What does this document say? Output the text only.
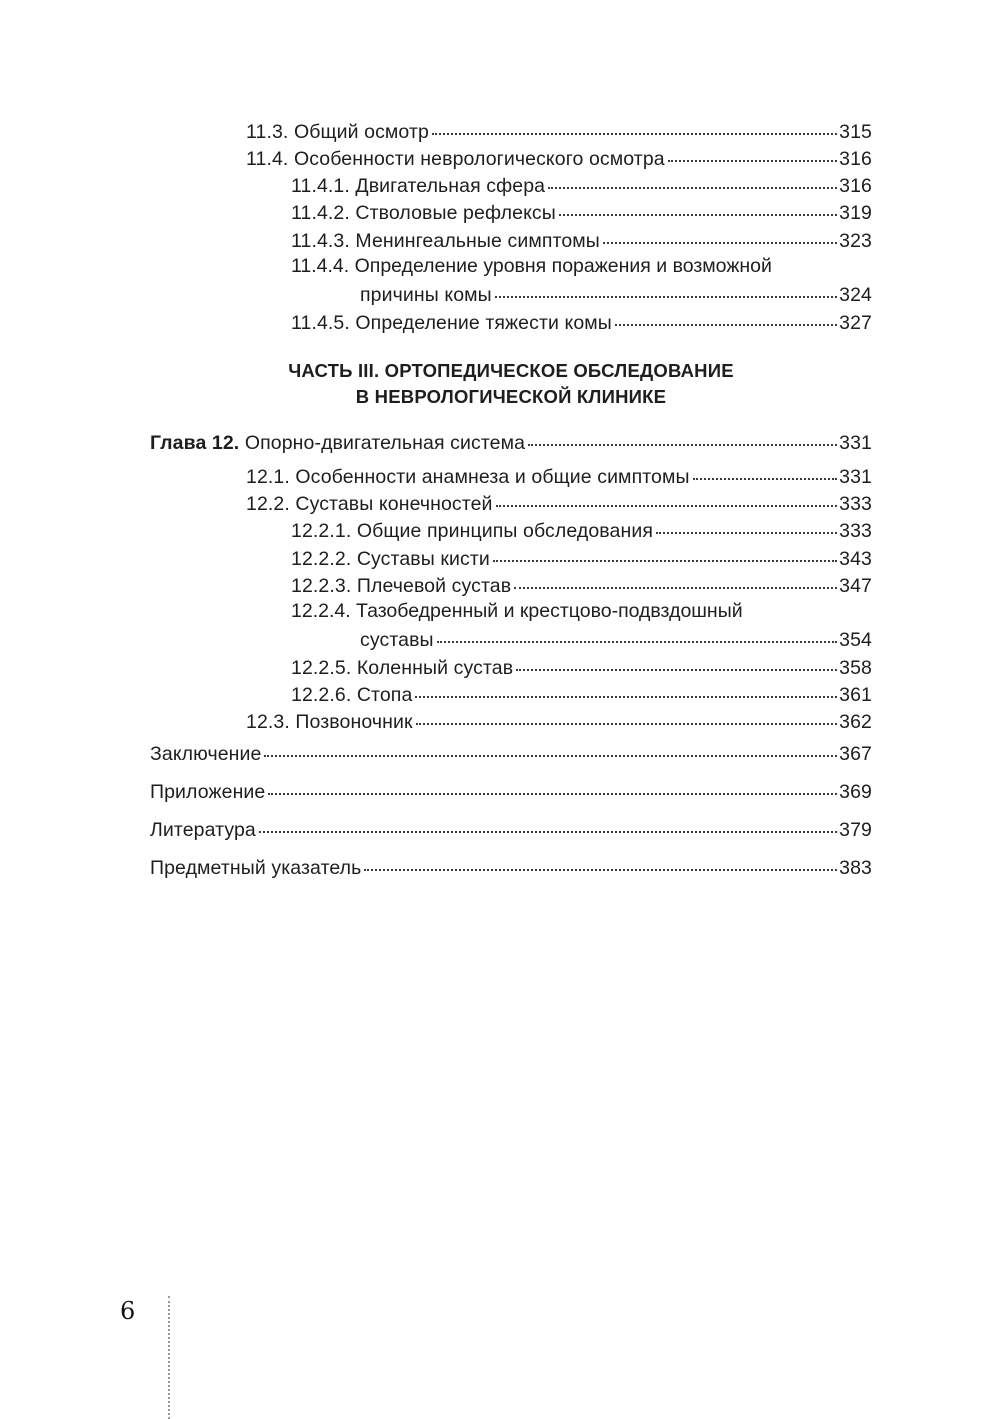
11.3. Общий осмотр	315
11.4. Особенности неврологического осмотра	316
11.4.1. Двигательная сфера	316
11.4.2. Стволовые рефлексы	319
11.4.3. Менингеальные симптомы	323
11.4.4. Определение уровня поражения и возможной
причины комы	324
11.4.5. Определение тяжести комы	327
ЧАСТЬ III. ОРТОПЕДИЧЕСКОЕ ОБСЛЕДОВАНИЕ
В НЕВРОЛОГИЧЕСКОЙ КЛИНИКЕ
Глава 12. Опорно-двигательная система	331
12.1. Особенности анамнеза и общие симптомы	331
12.2. Суставы конечностей	333
12.2.1. Общие принципы обследования	333
12.2.2. Суставы кисти	343
12.2.3. Плечевой сустав	347
12.2.4. Тазобедренный и крестцово-подвздошный
суставы	354
12.2.5. Коленный сустав	358
12.2.6. Стопа	361
12.3. Позвоночник	362
Заключение	367
Приложение	369
Литература	379
Предметный указатель	383
6
